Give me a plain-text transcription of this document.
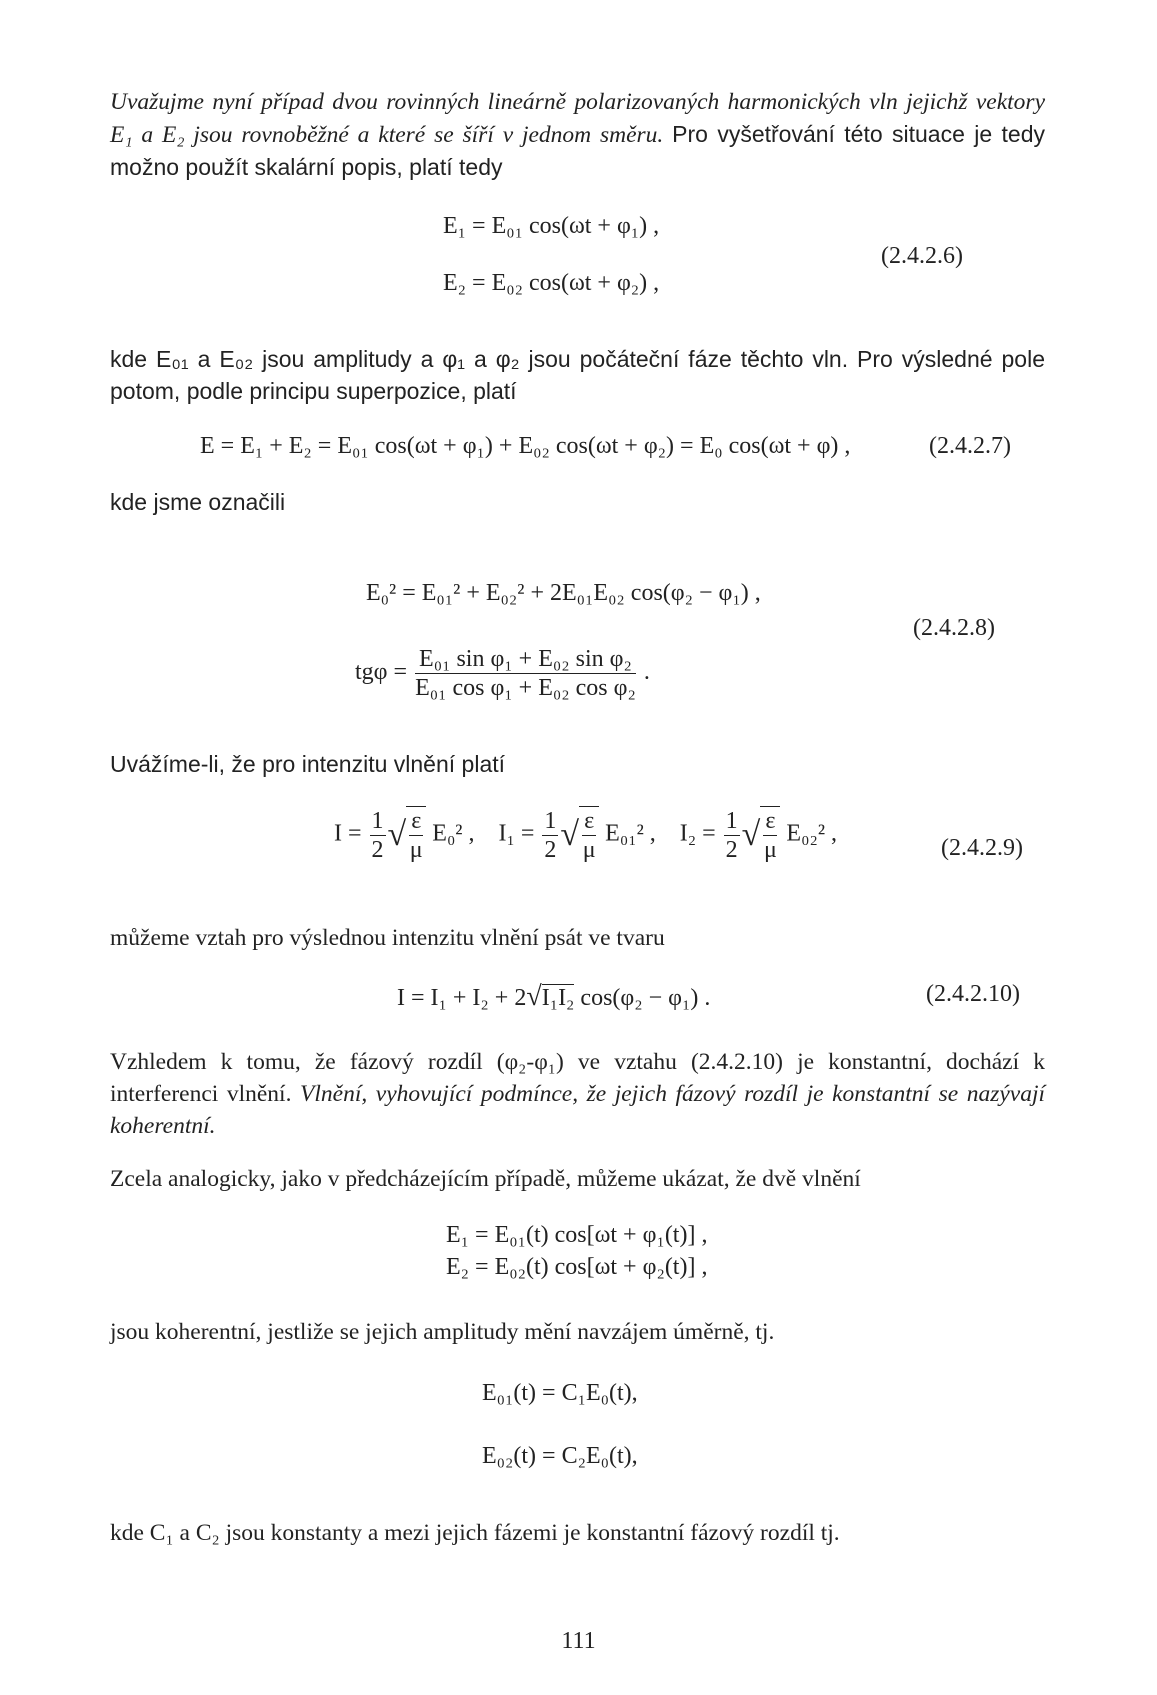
Uvažujme nyní případ dvou rovinných lineárně polarizovaných harmonických vln jejichž vektory E₁ a E₂ jsou rovnoběžné a které se šíří v jednom směru. Pro vyšetřování této situace je tedy možno použít skalární popis, platí tedy
E₁ = E₀₁ cos(ωt + φ₁) ,
E₂ = E₀₂ cos(ωt + φ₂) ,
(2.4.2.6)
kde E₀₁ a E₀₂ jsou amplitudy a φ₁ a φ₂ jsou počáteční fáze těchto vln. Pro výsledné pole potom, podle principu superpozice, platí
E = E₁ + E₂ = E₀₁ cos(ωt + φ₁) + E₀₂ cos(ωt + φ₂) = E₀ cos(ωt + φ) ,	(2.4.2.7)
kde jsme označili
E₀² = E₀₁² + E₀₂² + 2E₀₁E₀₂ cos(φ₂ − φ₁) ,
$tg\varphi = \frac{\text{E₀₁ sin φ₁ + E₀₂ sin φ₂}}{\text{E₀₁ cos φ₁ + E₀₂ cos φ₂}}$ .
(2.4.2.8)
Uvážíme-li, že pro intenzitu vlnění platí
$I = \frac{1}{2}$ √ $\frac{\varepsilon}{\mu} E_0^2$ , $I_1 = \frac{1}{2}$ √ $\frac{\varepsilon}{\mu} E_{01}^2$ , $I_2 = \frac{1}{2}$ √ $\frac{\varepsilon}{\mu} E_{02}^2$ ,
(2.4.2.9)
můžeme vztah pro výslednou intenzitu vlnění psát ve tvaru
I = I₁ + I₂ + 2√I₁I₂ cos(φ₂ − φ₁) .	(2.4.2.10)
Vzhledem k tomu, že fázový rozdíl (φ₂-φ₁) ve vztahu (2.4.2.10) je konstantní, dochází k interferenci vlnění. Vlnění, vyhovující podmínce, že jejich fázový rozdíl je konstantní se nazývají koherentní.
Zcela analogicky, jako v předcházejícím případě, můžeme ukázat, že dvě vlnění
E₁ = E₀₁(t) cos[ωt + φ₁(t)] ,
E₂ = E₀₂(t) cos[ωt + φ₂(t)] ,
jsou koherentní, jestliže se jejich amplitudy mění navzájem úměrně, tj.
E₀₁(t) = C₁E₀(t),
E₀₂(t) = C₂E₀(t),
kde C₁ a C₂ jsou konstanty a mezi jejich fázemi je konstantní fázový rozdíl tj.
111
